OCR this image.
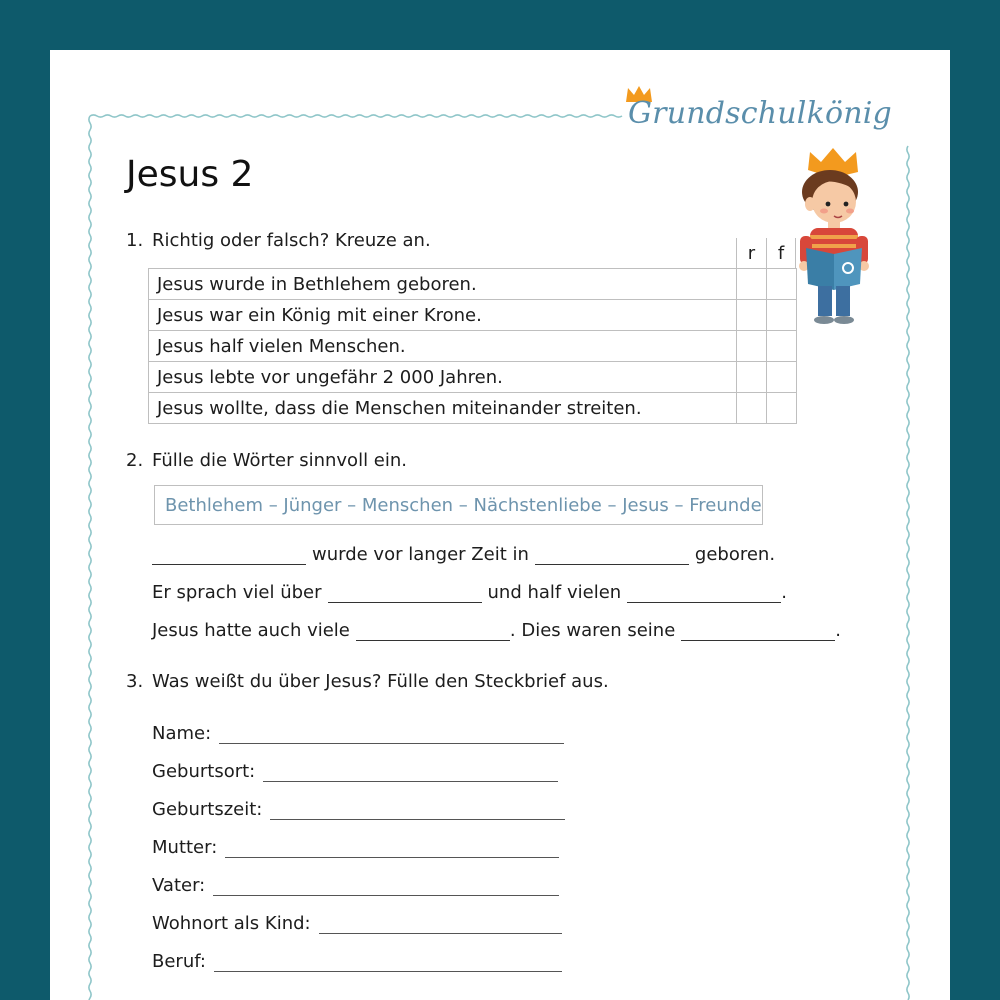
Grundschulkönig
Jesus 2
1. Richtig oder falsch? Kreuze an.
r	f
Jesus wurde in Bethlehem geboren.		
Jesus war ein König mit einer Krone.		
Jesus half vielen Menschen.		
Jesus lebte vor ungefähr 2 000 Jahren.		
Jesus wollte, dass die Menschen miteinander streiten.		
2. Fülle die Wörter sinnvoll ein.
Bethlehem – Jünger – Menschen – Nächstenliebe – Jesus – Freunde
wurde vor langer Zeit in	geboren.
Er sprach viel über	und half vielen	.
Jesus hatte auch viele	. Dies waren seine	.
3. Was weißt du über Jesus? Fülle den Steckbrief aus.
Name:
Geburtsort:
Geburtszeit:
Mutter:
Vater:
Wohnort als Kind:
Beruf:
